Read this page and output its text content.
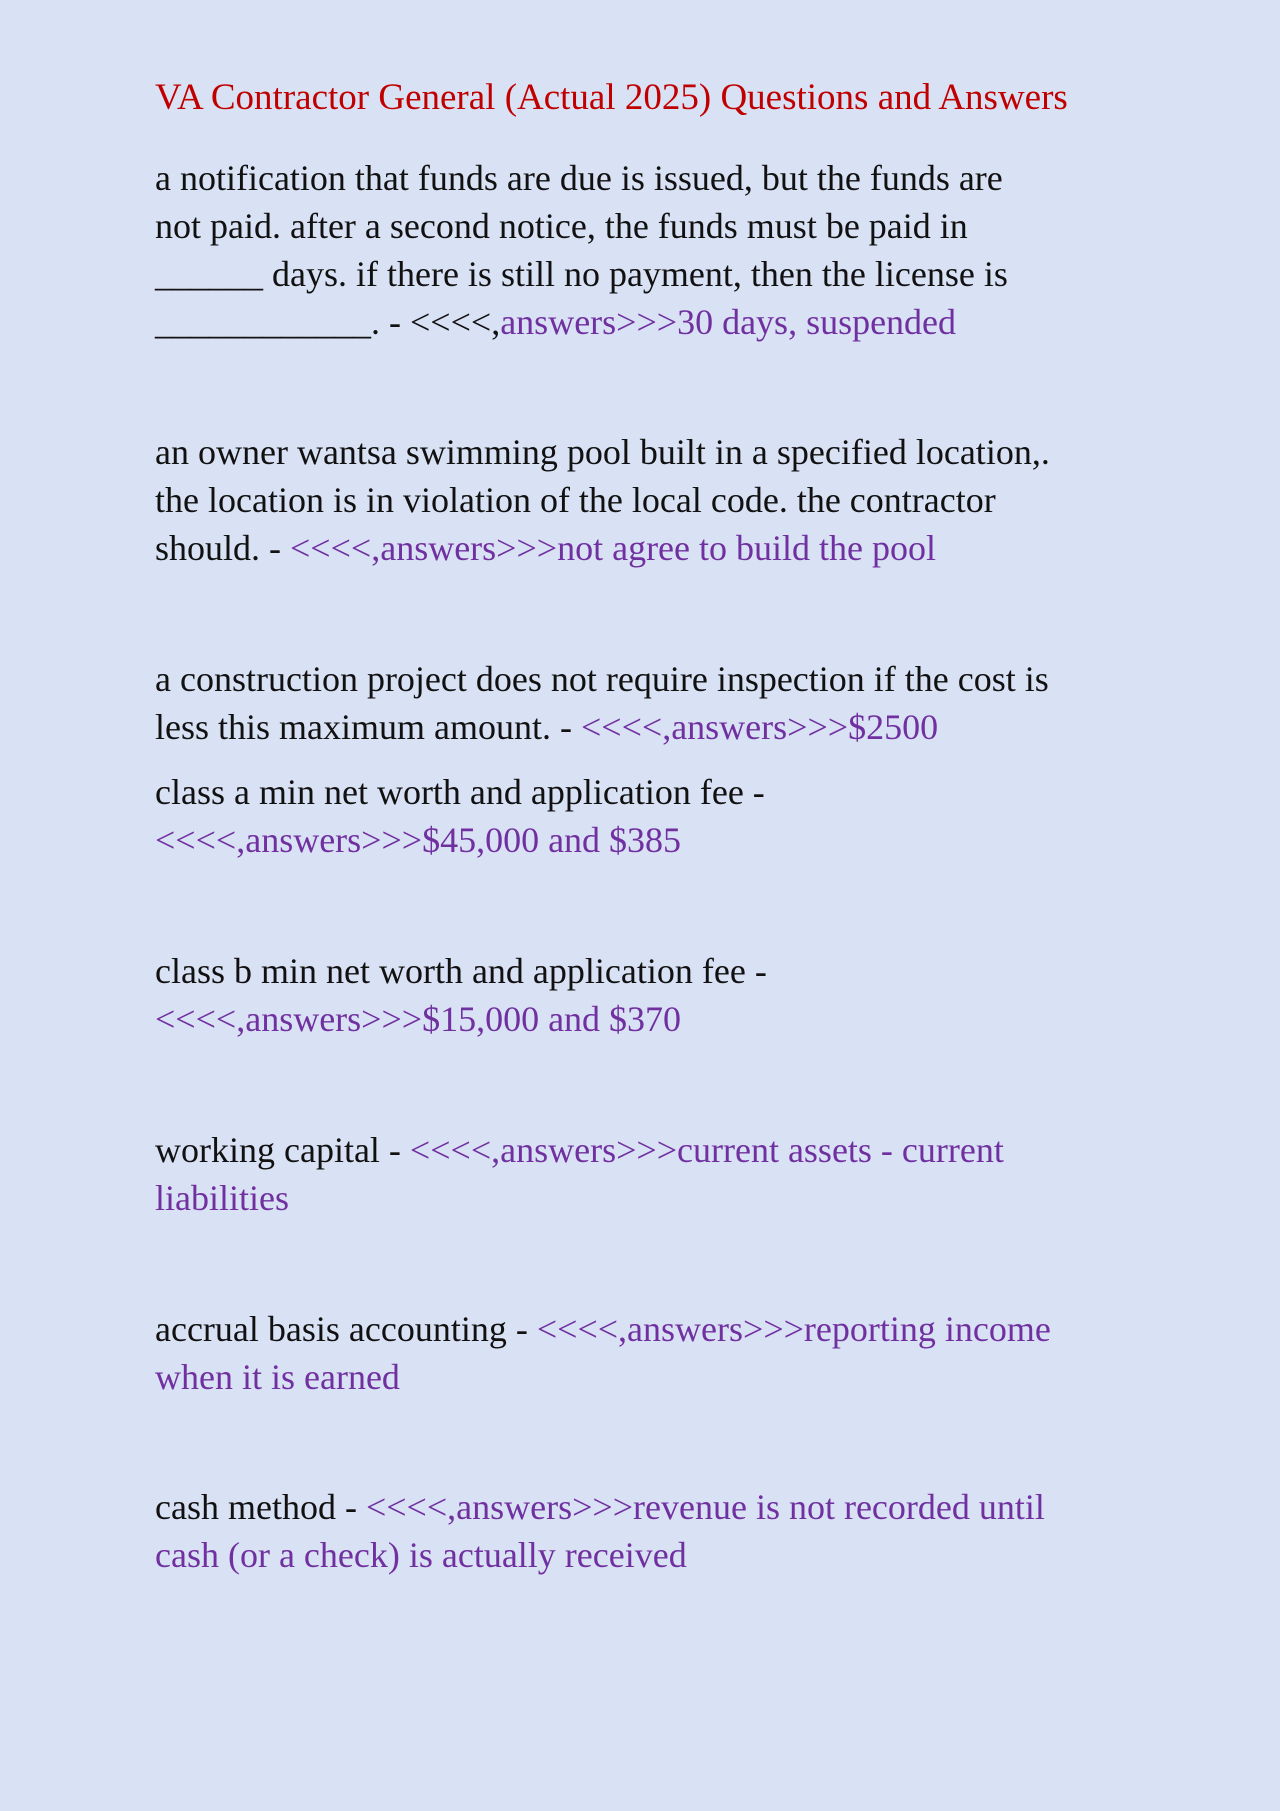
VA Contractor General (Actual 2025) Questions and Answers

a notification that funds are due is issued, but the funds are
not paid. after a second notice, the funds must be paid in
______ days. if there is still no payment, then the license is
____________. - <<<<,answers>>>30 days, suspended

an owner wantsa swimming pool built in a specified location,.
the location is in violation of the local code. the contractor
should. - <<<<,answers>>>not agree to build the pool

a construction project does not require inspection if the cost is
less this maximum amount. - <<<<,answers>>>$2500

class a min net worth and application fee -
<<<<,answers>>>$45,000 and $385

class b min net worth and application fee -
<<<<,answers>>>$15,000 and $370

working capital - <<<<,answers>>>current assets - current
liabilities

accrual basis accounting - <<<<,answers>>>reporting income
when it is earned

cash method - <<<<,answers>>>revenue is not recorded until
cash (or a check) is actually received
